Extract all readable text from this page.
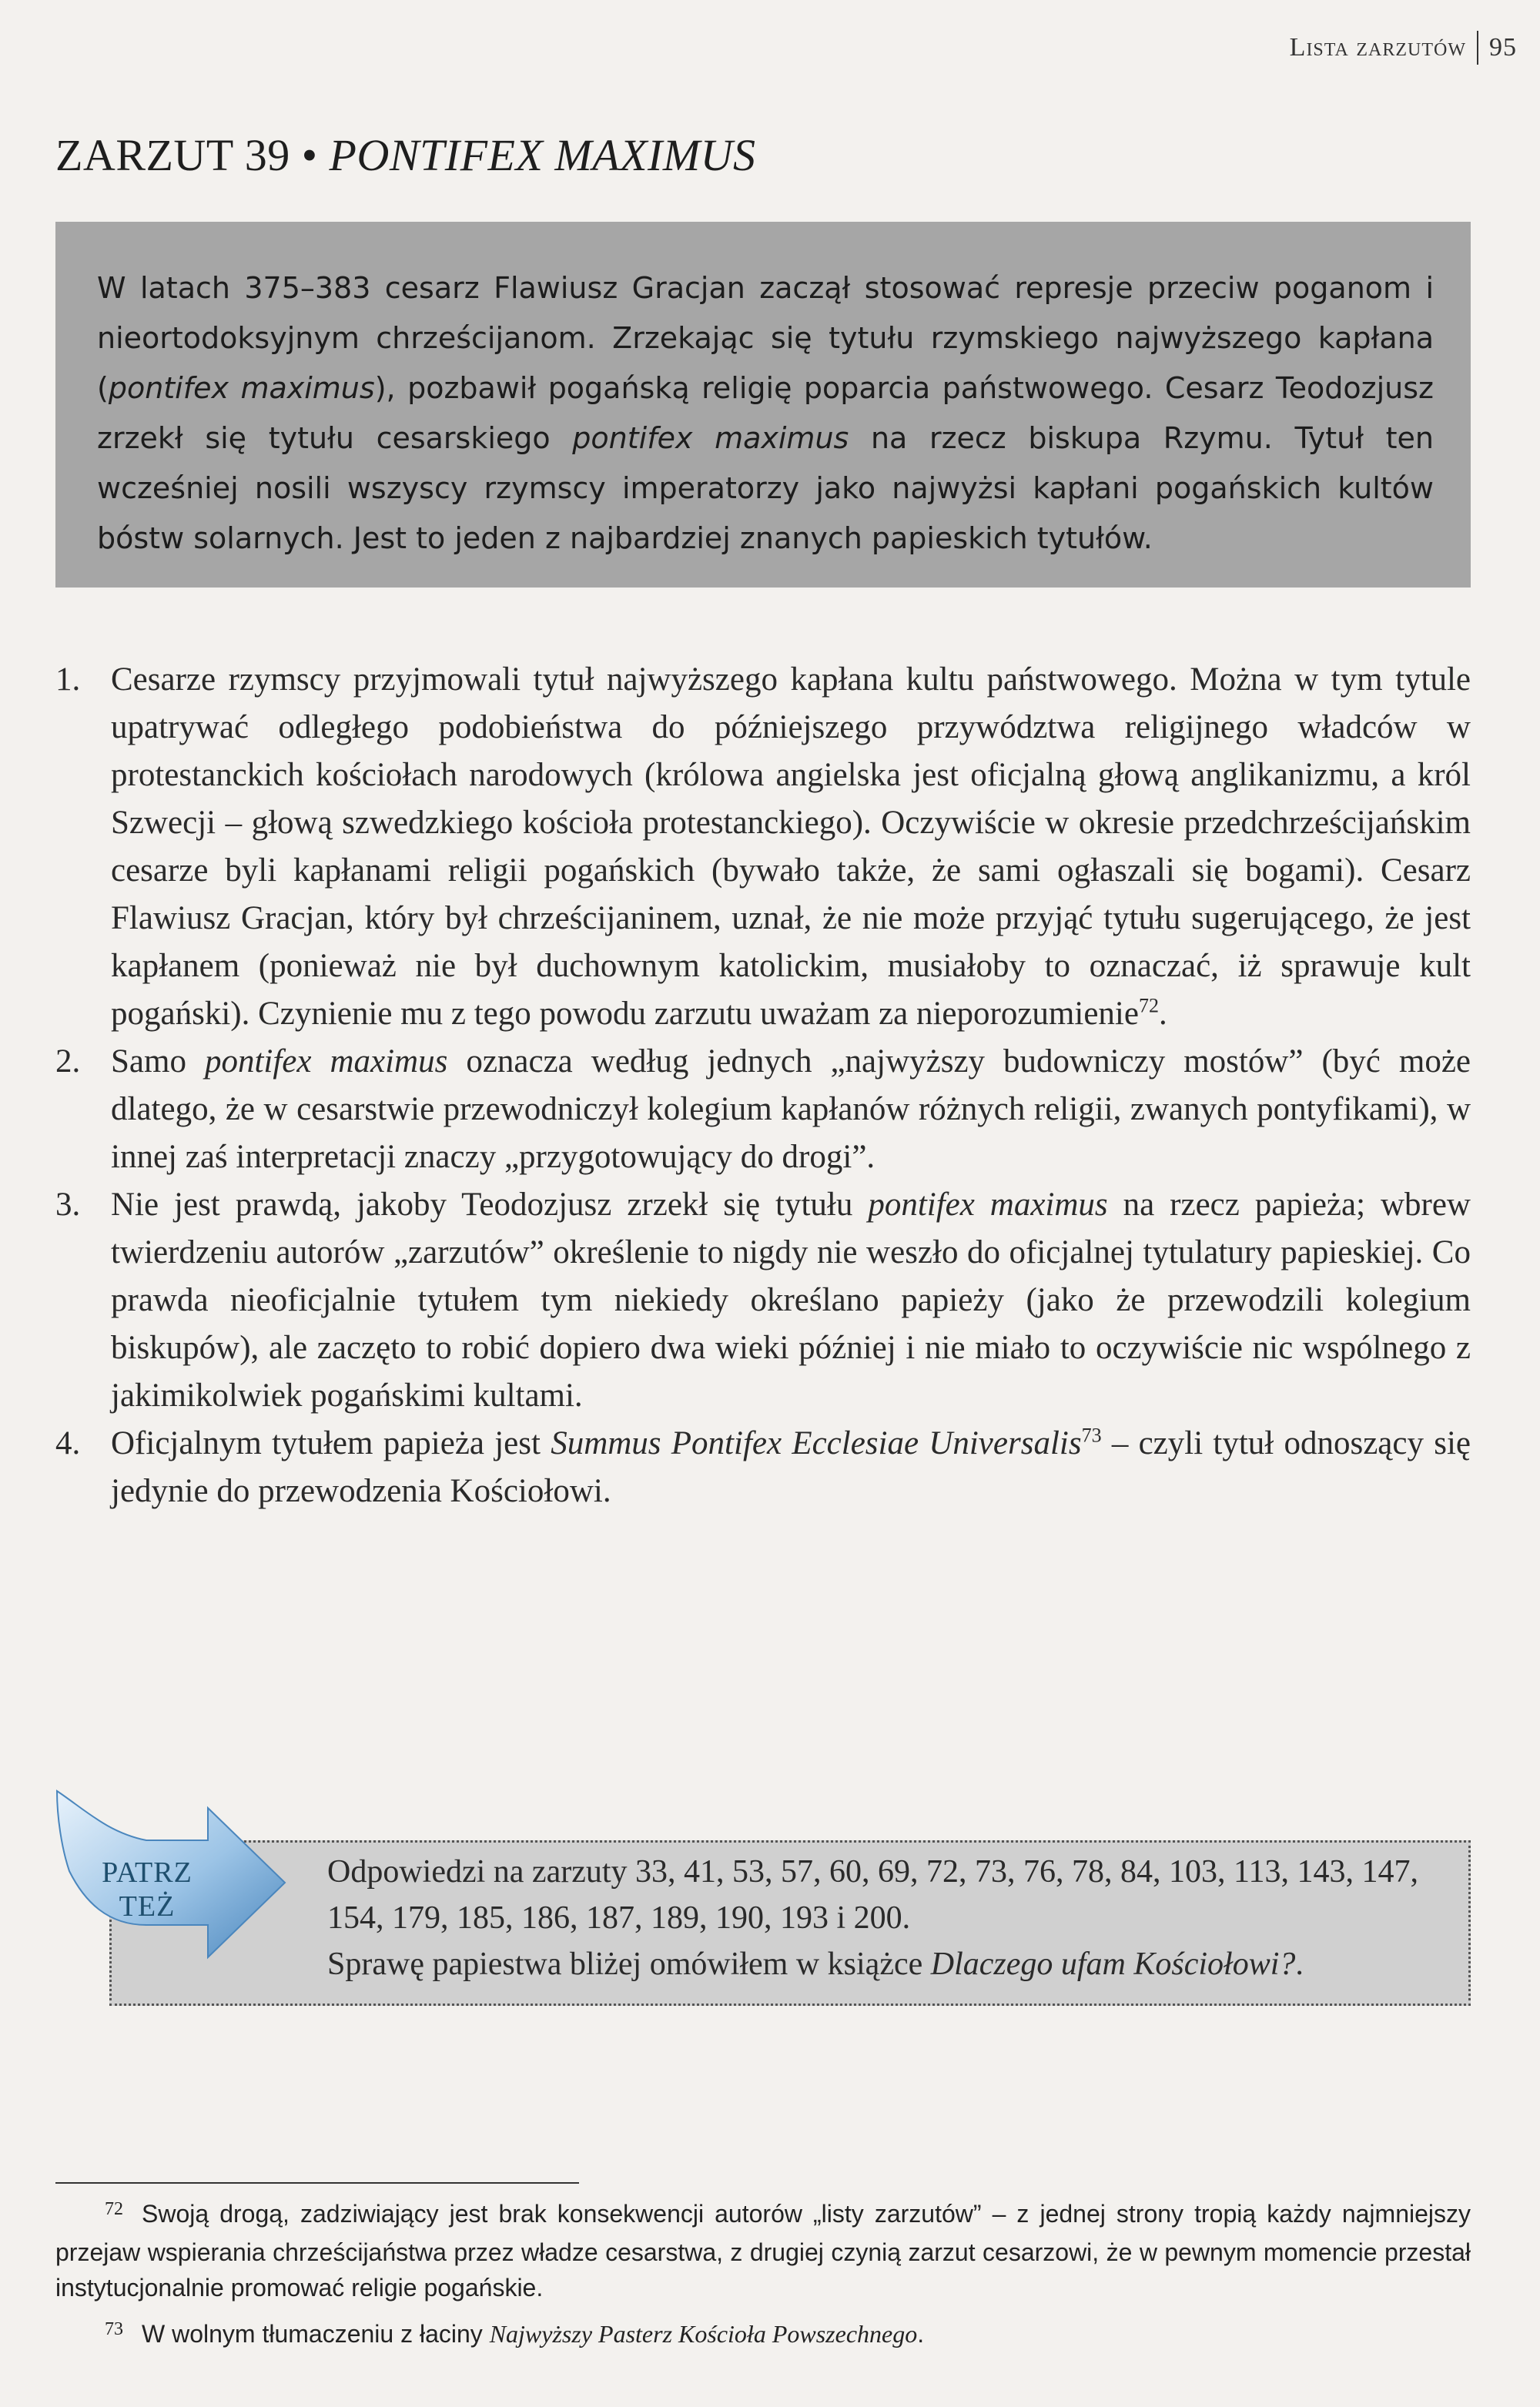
Lista zarzutów 95
ZARZUT 39 • PONTIFEX MAXIMUS
W latach 375–383 cesarz Flawiusz Gracjan zaczął stosować represje przeciw poganom i nieortodoksyjnym chrześcijanom. Zrzekając się tytułu rzymskiego najwyższego kapłana (pontifex maximus), pozbawił pogańską religię poparcia państwowego. Cesarz Teodozjusz zrzekł się tytułu cesarskiego pontifex maximus na rzecz biskupa Rzymu. Tytuł ten wcześniej nosili wszyscy rzymscy imperatorzy jako najwyżsi kapłani pogańskich kultów bóstw solarnych. Jest to jeden z najbardziej znanych papieskich tytułów.
1. Cesarze rzymscy przyjmowali tytuł najwyższego kapłana kultu państwowego. Można w tym tytule upatrywać odległego podobieństwa do późniejszego przywództwa religijnego władców w protestanckich kościołach narodowych (królowa angielska jest oficjalną głową anglikanizmu, a król Szwecji – głową szwedzkiego kościoła protestanckiego). Oczywiście w okresie przedchrześcijańskim cesarze byli kapłanami religii pogańskich (bywało także, że sami ogłaszali się bogami). Cesarz Flawiusz Gracjan, który był chrześcijaninem, uznał, że nie może przyjąć tytułu sugerującego, że jest kapłanem (ponieważ nie był duchownym katolickim, musiałoby to oznaczać, iż sprawuje kult pogański). Czynienie mu z tego powodu zarzutu uważam za nieporozumienie$^{72}$.
2. Samo pontifex maximus oznacza według jednych „najwyższy budowniczy mostów” (być może dlatego, że w cesarstwie przewodniczył kolegium kapłanów różnych religii, zwanych pontyfikami), w innej zaś interpretacji znaczy „przygotowujący do drogi”.
3. Nie jest prawdą, jakoby Teodozjusz zrzekł się tytułu pontifex maximus na rzecz papieża; wbrew twierdzeniu autorów „zarzutów” określenie to nigdy nie weszło do oficjalnej tytulatury papieskiej. Co prawda nieoficjalnie tytułem tym niekiedy określano papieży (jako że przewodzili kolegium biskupów), ale zaczęto to robić dopiero dwa wieki później i nie miało to oczywiście nic wspólnego z jakimikolwiek pogańskimi kultami.
4. Oficjalnym tytułem papieża jest Summus Pontifex Ecclesiae Universalis$^{73}$ – czyli tytuł odnoszący się jedynie do przewodzenia Kościołowi.
Odpowiedzi na zarzuty 33, 41, 53, 57, 60, 69, 72, 73, 76, 78, 84, 103, 113, 143, 147, 154, 179, 185, 186, 187, 189, 190, 193 i 200.
Sprawę papiestwa bliżej omówiłem w książce Dlaczego ufam Kościołowi?.
PATRZ
TEŻ

$^{72}$ Swoją drogą, zadziwiający jest brak konsekwencji autorów „listy zarzutów” – z jednej strony tropią każdy najmniejszy przejaw wspierania chrześcijaństwa przez władze cesarstwa, z drugiej czynią zarzut cesarzowi, że w pewnym momencie przestał instytucjonalnie promować religie pogańskie.

$^{73}$ W wolnym tłumaczeniu z łaciny Najwyższy Pasterz Kościoła Powszechnego.
